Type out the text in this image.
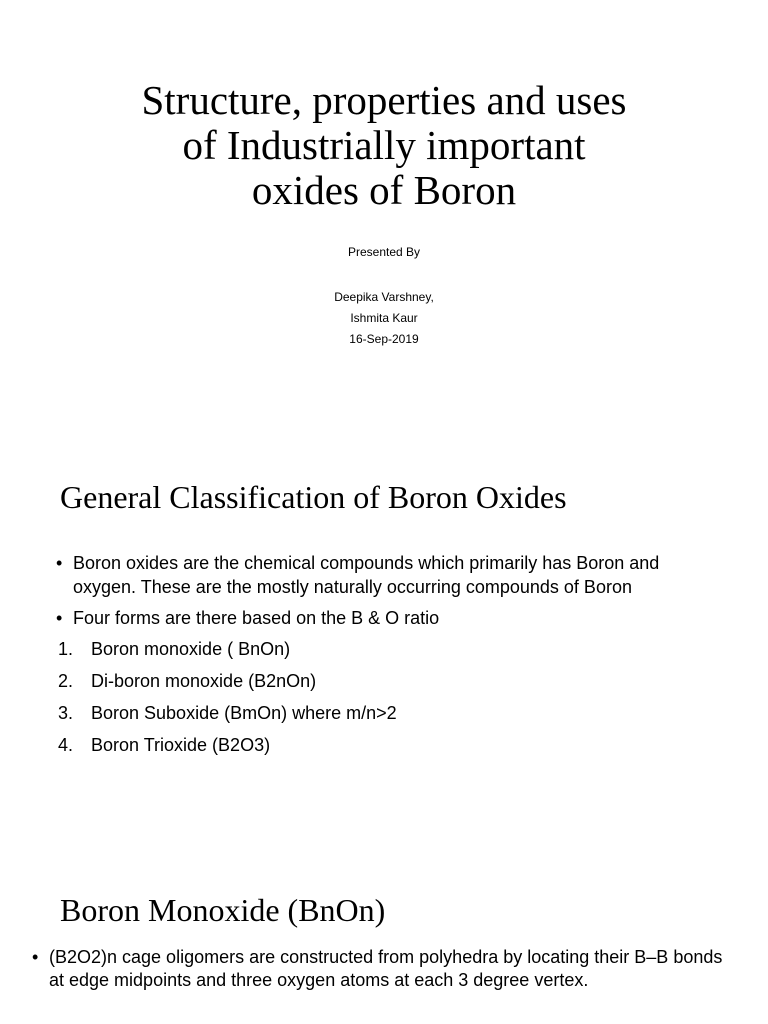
Structure, properties and uses
of Industrially important
oxides of Boron
Presented By
Deepika Varshney,
Ishmita Kaur
16-Sep-2019
General Classification of Boron Oxides
• Boron oxides are the chemical compounds which primarily has Boron and oxygen. These are the mostly naturally occurring compounds of Boron
• Four forms are there based on the B & O ratio
1. Boron monoxide ( BnOn)
2. Di-boron monoxide (B2nOn)
3. Boron Suboxide (BmOn) where m/n>2
4. Boron Trioxide (B2O3)
Boron Monoxide (BnOn)
• (B2O2)n cage oligomers are constructed from polyhedra by locating their B–B bonds at edge midpoints and three oxygen atoms at each 3 degree vertex.
